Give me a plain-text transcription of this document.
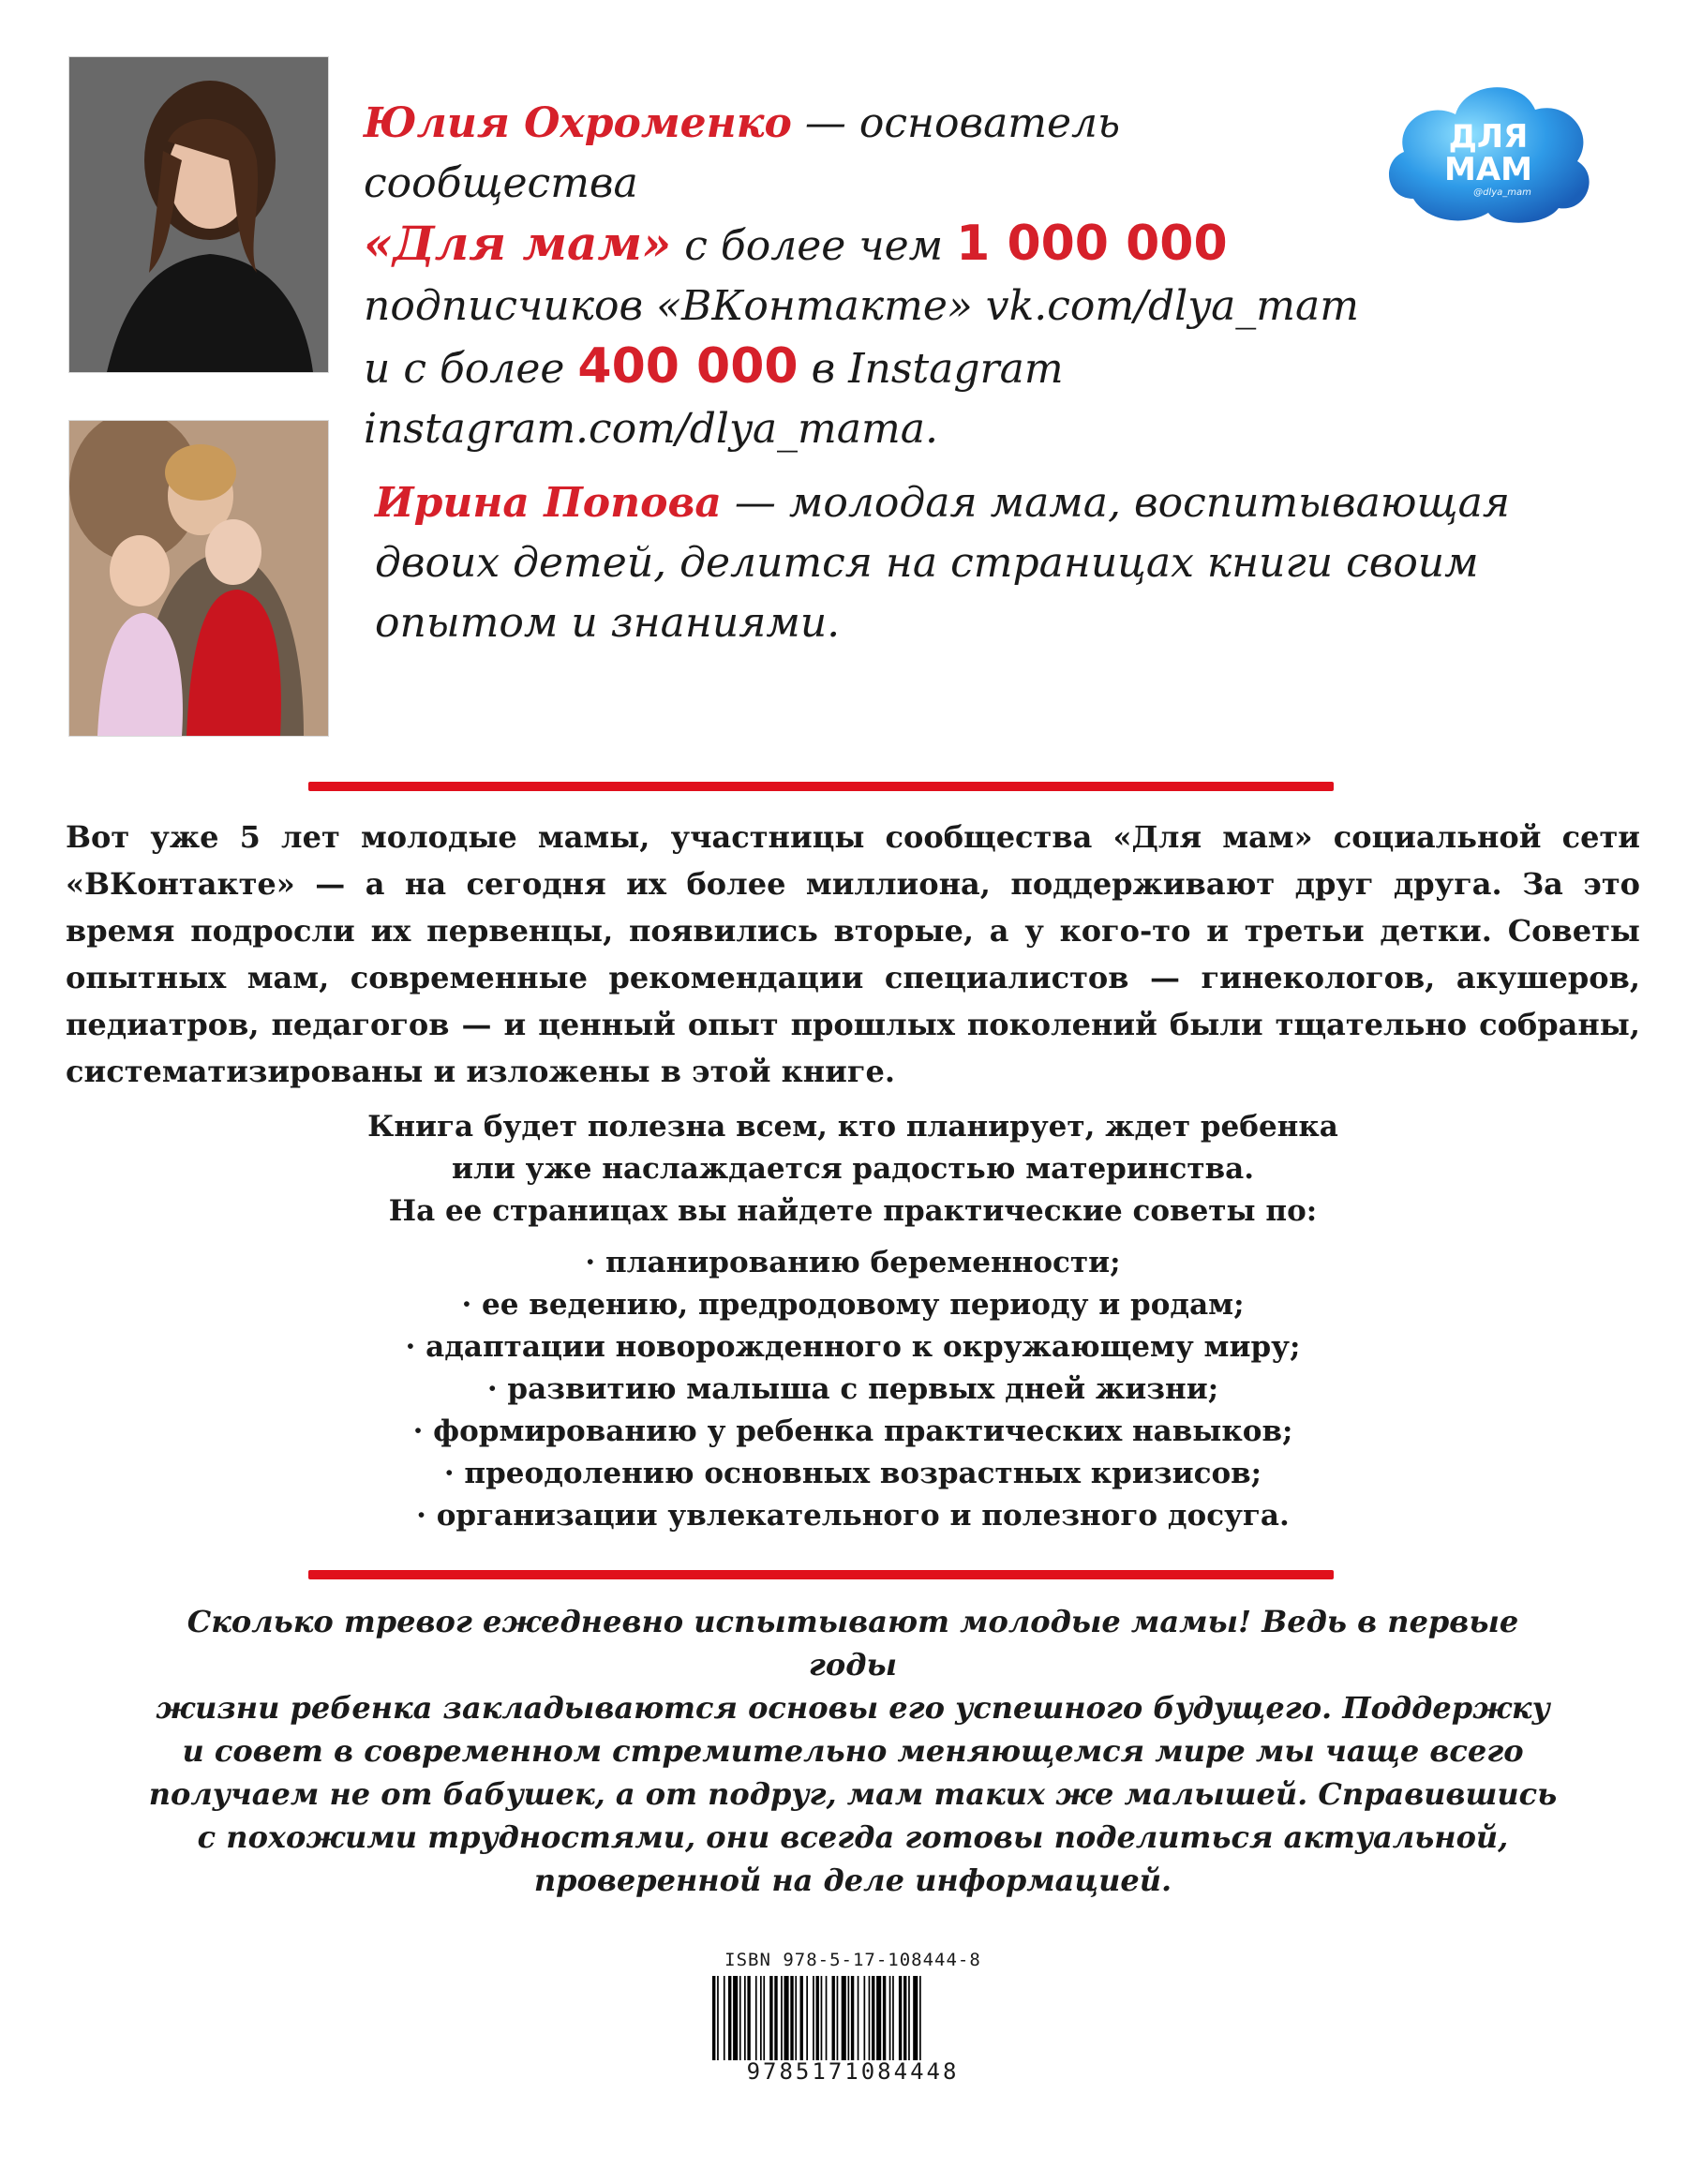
Юлия Охроменко — основатель сообщества
«Для мам» с более чем 1 000 000
подписчиков «ВКонтакте» vk.com/dlya_mam
и с более 400 000 в Instagram
instagram.com/dlya_mama.
ДЛЯ
МАМ
@dlya_mam
Ирина Попова — молодая мама, воспитывающая
двоих детей, делится на страницах книги своим
опытом и знаниями.
Вот уже 5 лет молодые мамы, участницы сообщества «Для мам» социальной сети «ВКонтакте» — а на сегодня их более миллиона, поддерживают друг друга. За это время подросли их первенцы, появились вторые, а у кого-то и третьи детки. Советы опытных мам, современные рекомендации специалистов — гинекологов, акушеров, педиатров, педагогов — и ценный опыт прошлых поколений были тщательно собраны, систематизированы и изложены в этой книге.
Книга будет полезна всем, кто планирует, ждет ребенка
или уже наслаждается радостью материнства.
На ее страницах вы найдете практические советы по:
· планированию беременности;
· ее ведению, предродовому периоду и родам;
· адаптации новорожденного к окружающему миру;
· развитию малыша с первых дней жизни;
· формированию у ребенка практических навыков;
· преодолению основных возрастных кризисов;
· организации увлекательного и полезного досуга.
Сколько тревог ежедневно испытывают молодые мамы! Ведь в первые годы
жизни ребенка закладываются основы его успешного будущего. Поддержку
и совет в современном стремительно меняющемся мире мы чаще всего
получаем не от бабушек, а от подруг, мам таких же малышей. Справившись
с похожими трудностями, они всегда готовы поделиться актуальной,
проверенной на деле информацией.
ISBN 978-5-17-108444-8
9785171084448
